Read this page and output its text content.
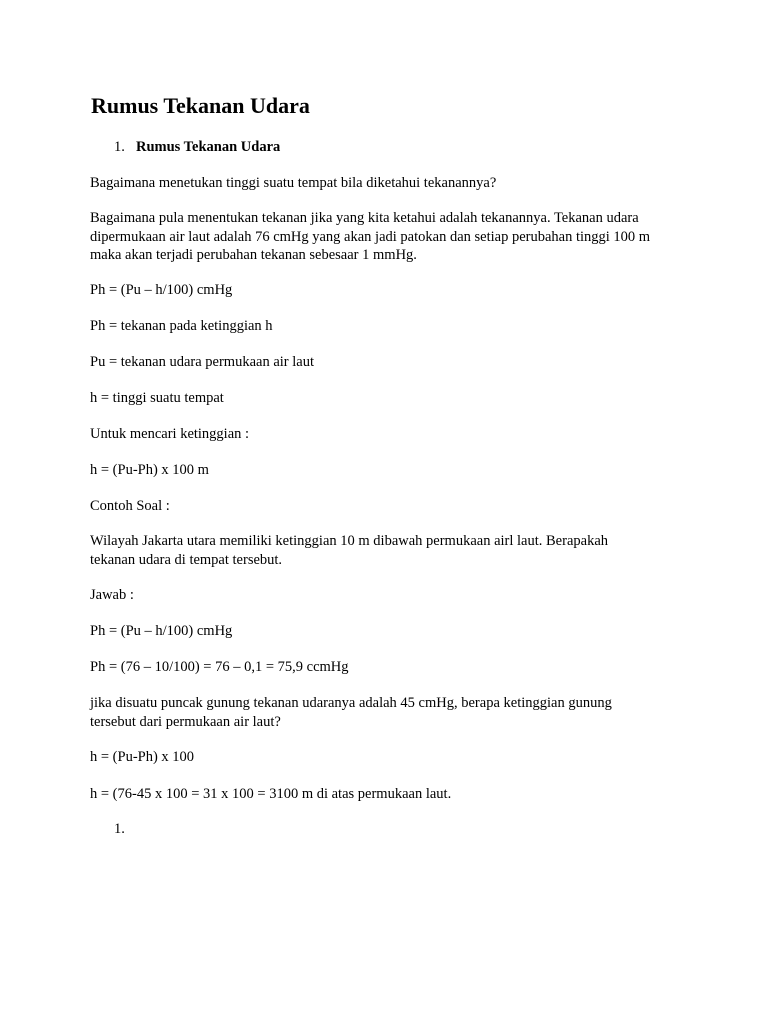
Rumus Tekanan Udara
1. Rumus Tekanan Udara

Bagaimana menetukan tinggi suatu tempat bila diketahui tekanannya?

Bagaimana pula menentukan tekanan jika yang kita ketahui adalah tekanannya. Tekanan udara
dipermukaan air laut adalah 76 cmHg yang akan jadi patokan dan setiap perubahan tinggi 100 m
maka akan terjadi perubahan tekanan sebesaar 1 mmHg.

Ph = (Pu – h/100) cmHg

Ph = tekanan pada ketinggian h

Pu = tekanan udara permukaan air laut

h = tinggi suatu tempat

Untuk mencari ketinggian :

h = (Pu-Ph) x 100 m

Contoh Soal :

Wilayah Jakarta utara memiliki ketinggian 10 m dibawah permukaan airl laut. Berapakah
tekanan udara di tempat tersebut.

Jawab :

Ph = (Pu – h/100) cmHg

Ph = (76 – 10/100) = 76 – 0,1 = 75,9 ccmHg

jika disuatu puncak gunung tekanan udaranya adalah 45 cmHg, berapa ketinggian gunung
tersebut dari permukaan air laut?

h = (Pu-Ph) x 100

h = (76-45 x 100 = 31 x 100 = 3100 m di atas permukaan laut.

1.
